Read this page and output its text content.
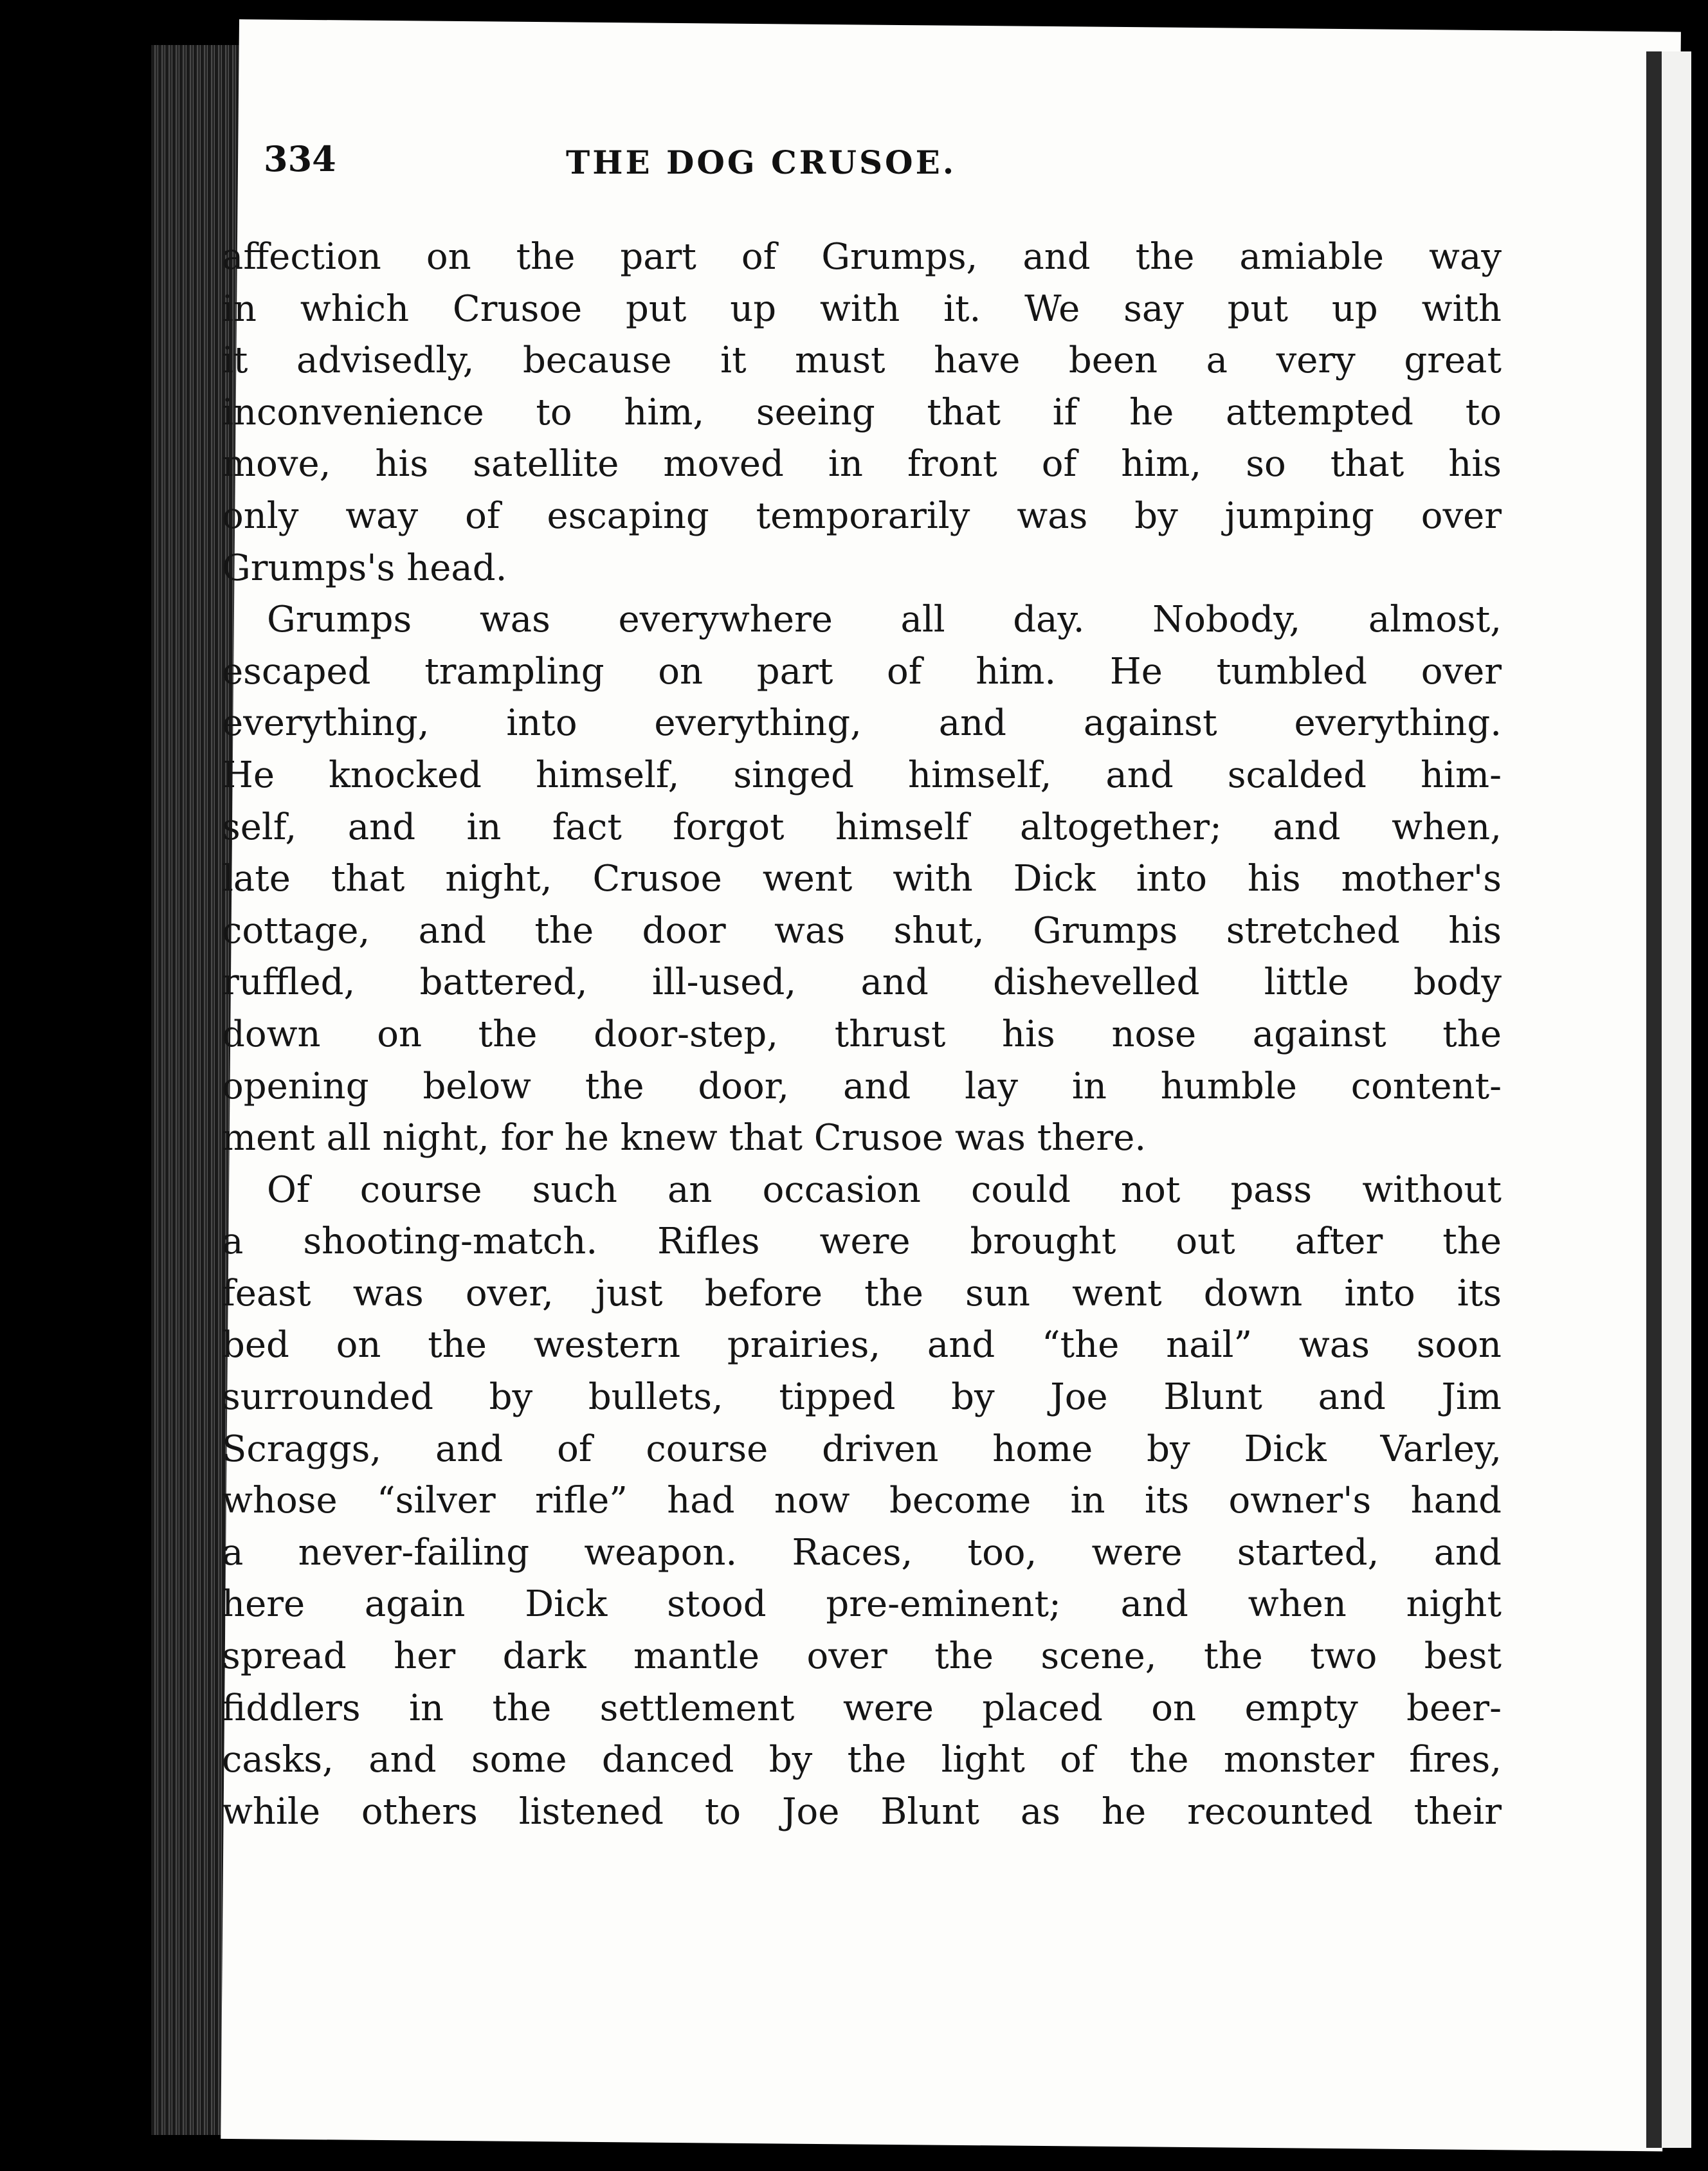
334	THE DOG CRUSOE.
affection on the part of Grumps, and the amiable way
in which Crusoe put up with it. We say put up with
it advisedly, because it must have been a very great
inconvenience to him, seeing that if he attempted to
move, his satellite moved in front of him, so that his
only way of escaping temporarily was by jumping over
Grumps's head.
Grumps was everywhere all day. Nobody, almost,
escaped trampling on part of him. He tumbled over
everything, into everything, and against everything.
He knocked himself, singed himself, and scalded him-
self, and in fact forgot himself altogether; and when,
late that night, Crusoe went with Dick into his mother's
cottage, and the door was shut, Grumps stretched his
ruffled, battered, ill-used, and dishevelled little body
down on the door-step, thrust his nose against the
opening below the door, and lay in humble content-
ment all night, for he knew that Crusoe was there.
Of course such an occasion could not pass without
a shooting-match. Rifles were brought out after the
feast was over, just before the sun went down into its
bed on the western prairies, and “the nail” was soon
surrounded by bullets, tipped by Joe Blunt and Jim
Scraggs, and of course driven home by Dick Varley,
whose “silver rifle” had now become in its owner's hand
a never-failing weapon. Races, too, were started, and
here again Dick stood pre-eminent; and when night
spread her dark mantle over the scene, the two best
fiddlers in the settlement were placed on empty beer-
casks, and some danced by the light of the monster fires,
while others listened to Joe Blunt as he recounted their
